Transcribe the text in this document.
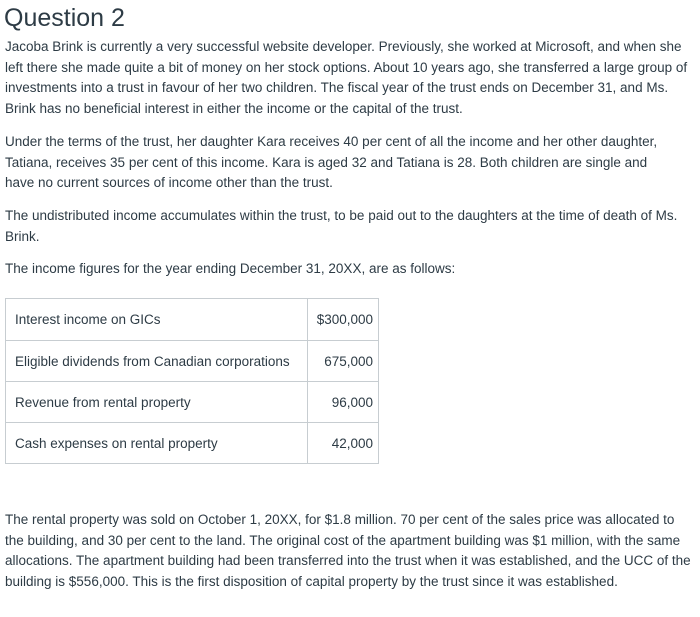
Question 2

Jacoba Brink is currently a very successful website developer. Previously, she worked at Microsoft, and when she left there she made quite a bit of money on her stock options. About 10 years ago, she transferred a large group of investments into a trust in favour of her two children. The fiscal year of the trust ends on December 31, and Ms. Brink has no beneficial interest in either the income or the capital of the trust.

Under the terms of the trust, her daughter Kara receives 40 per cent of all the income and her other daughter, Tatiana, receives 35 per cent of this income. Kara is aged 32 and Tatiana is 28. Both children are single and have no current sources of income other than the trust.

The undistributed income accumulates within the trust, to be paid out to the daughters at the time of death of Ms. Brink.

The income figures for the year ending December 31, 20XX, are as follows:

Interest income on GICs	$300,000
Eligible dividends from Canadian corporations	675,000
Revenue from rental property	96,000
Cash expenses on rental property	42,000

The rental property was sold on October 1, 20XX, for $1.8 million. 70 per cent of the sales price was allocated to the building, and 30 per cent to the land. The original cost of the apartment building was $1 million, with the same allocations. The apartment building had been transferred into the trust when it was established, and the UCC of the building is $556,000. This is the first disposition of capital property by the trust since it was established.
